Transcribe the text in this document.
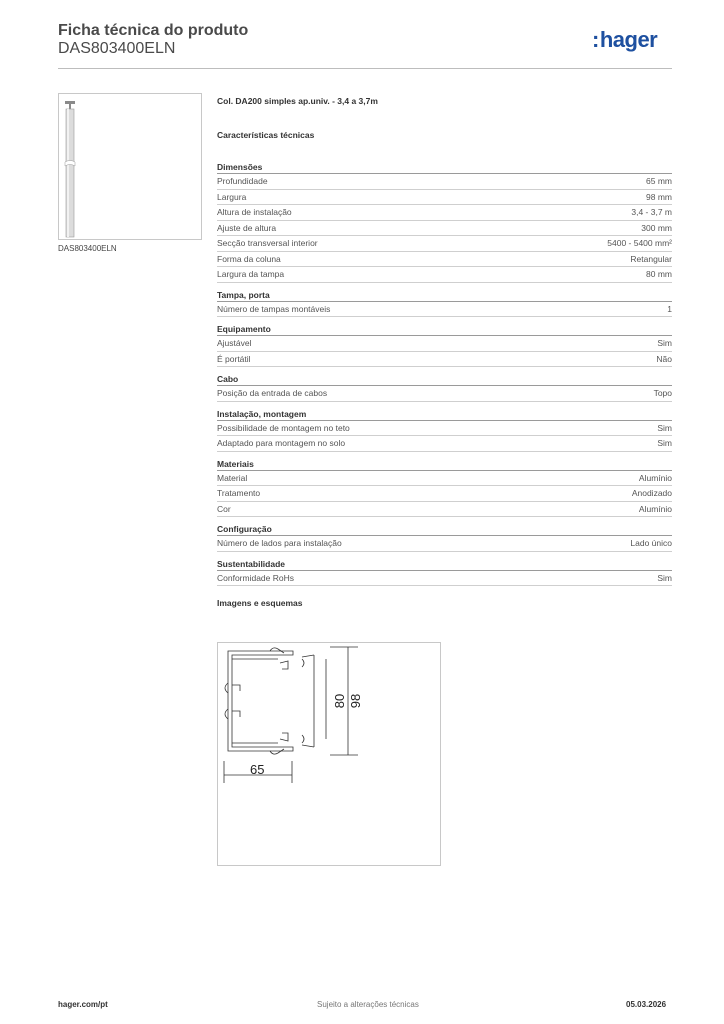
Ficha técnica do produto
DAS803400ELN	:hager
DAS803400ELN
Col. DA200 simples ap.univ. - 3,4 a 3,7m
Características técnicas
Dimensões
Profundidade	65 mm
Largura	98 mm
Altura de instalação	3,4 - 3,7 m
Ajuste de altura	300 mm
Secção transversal interior	5400 - 5400 mm²
Forma da coluna	Retangular
Largura da tampa	80 mm
Tampa, porta
Número de tampas montáveis	1
Equipamento
Ajustável	Sim
É portátil	Não
Cabo
Posição da entrada de cabos	Topo
Instalação, montagem
Possibilidade de montagem no teto	Sim
Adaptado para montagem no solo	Sim
Materiais
Material	Alumínio
Tratamento	Anodizado
Cor	Alumínio
Configuração
Número de lados para instalação	Lado único
Sustentabilidade
Conformidade RoHs	Sim
Imagens e esquemas
80 98
65
hager.com/pt	Sujeito a alterações técnicas	05.03.2026
